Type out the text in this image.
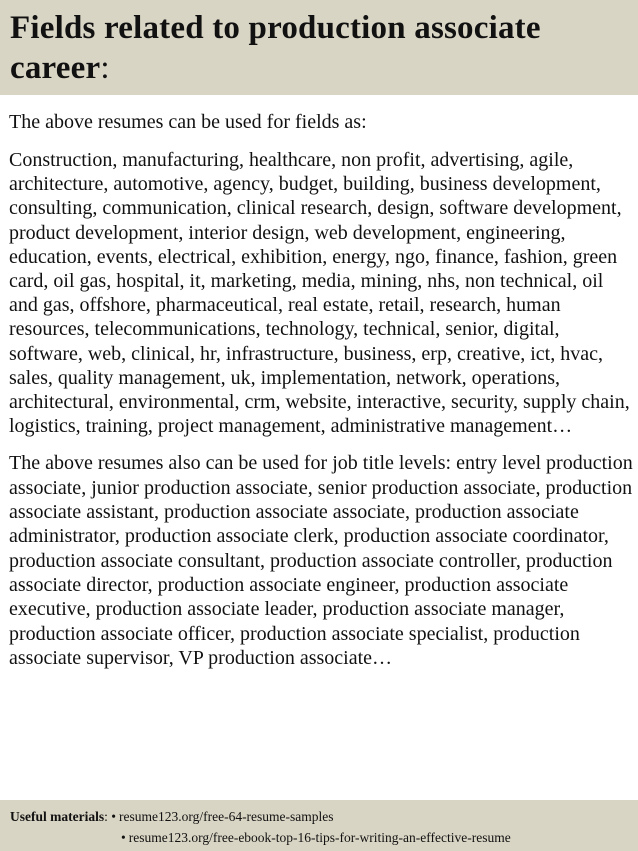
Fields related to production associate career:

The above resumes can be used for fields as:

Construction, manufacturing, healthcare, non profit, advertising, agile, architecture, automotive, agency, budget, building, business development, consulting, communication, clinical research, design, software development, product development, interior design, web development, engineering, education, events, electrical, exhibition, energy, ngo, finance, fashion, green card, oil gas, hospital, it, marketing, media, mining, nhs, non technical, oil and gas, offshore, pharmaceutical, real estate, retail, research, human resources, telecommunications, technology, technical, senior, digital, software, web, clinical, hr, infrastructure, business, erp, creative, ict, hvac, sales, quality management, uk, implementation, network, operations, architectural, environmental, crm, website, interactive, security, supply chain, logistics, training, project management, administrative management…

The above resumes also can be used for job title levels: entry level production associate, junior production associate, senior production associate, production associate assistant, production associate associate, production associate administrator, production associate clerk, production associate coordinator, production associate consultant, production associate controller, production associate director, production associate engineer, production associate executive, production associate leader, production associate manager, production associate officer, production associate specialist, production associate supervisor, VP production associate…

Useful materials: • resume123.org/free-64-resume-samples
• resume123.org/free-ebook-top-16-tips-for-writing-an-effective-resume
